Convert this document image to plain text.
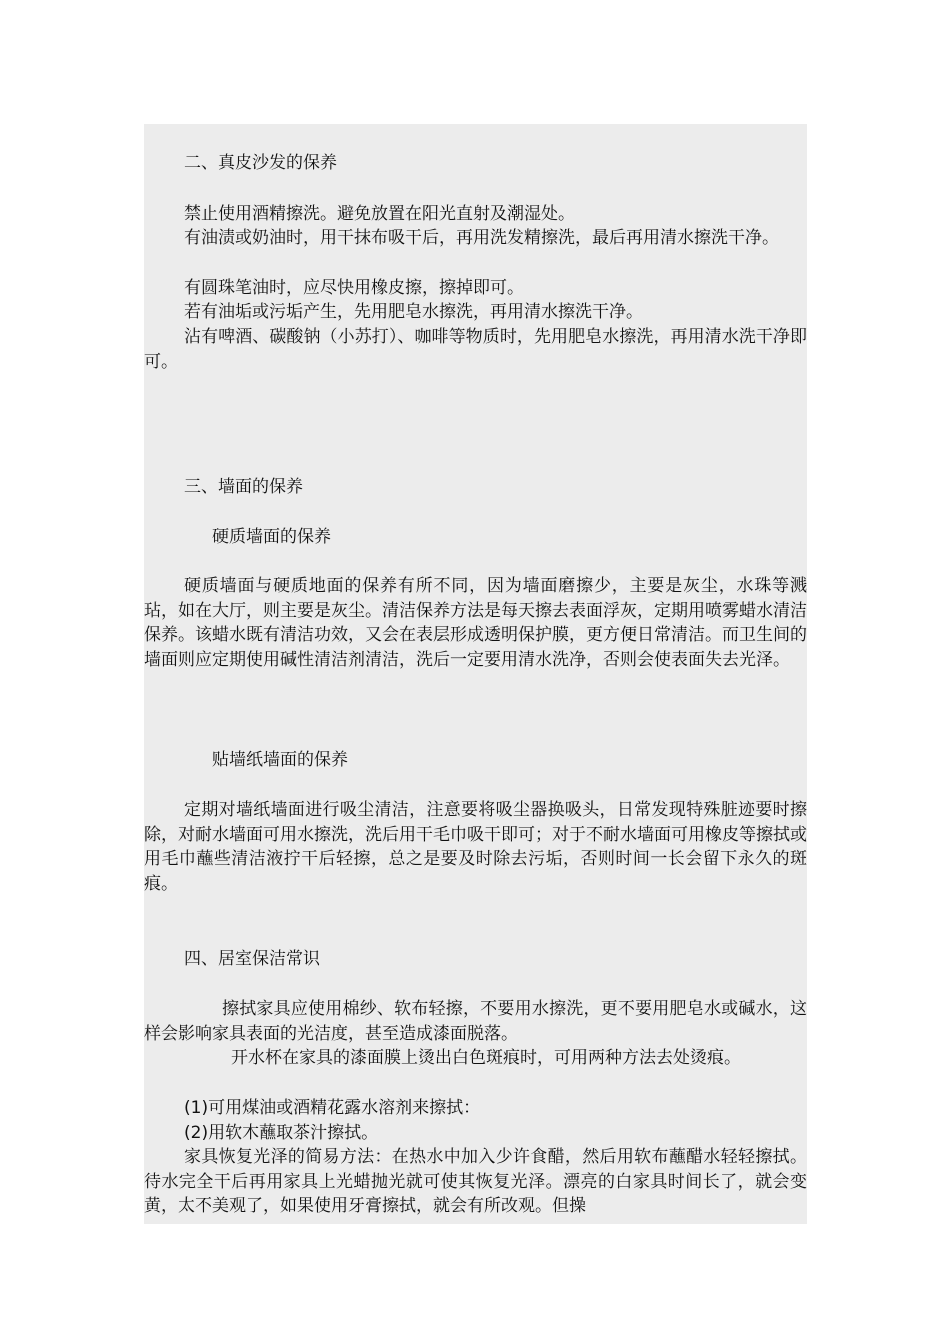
二、真皮沙发的保养

禁止使用酒精擦洗。避免放置在阳光直射及潮湿处。

有油渍或奶油时，用干抹布吸干后，再用洗发精擦洗，最后再用清水擦洗干净。

有圆珠笔油时，应尽快用橡皮擦，擦掉即可。

若有油垢或污垢产生，先用肥皂水擦洗，再用清水擦洗干净。

沾有啤酒、碳酸钠（小苏打）、咖啡等物质时，先用肥皂水擦洗，再用清水洗干净即可。

三、墙面的保养

硬质墙面的保养

硬质墙面与硬质地面的保养有所不同，因为墙面磨擦少，主要是灰尘，水珠等溅玷，如在大厅，则主要是灰尘。清洁保养方法是每天擦去表面浮灰，定期用喷雾蜡水清洁保养。该蜡水既有清洁功效，又会在表层形成透明保护膜，更方便日常清洁。而卫生间的墙面则应定期使用碱性清洁剂清洁，洗后一定要用清水洗净，否则会使表面失去光泽。

贴墙纸墙面的保养

定期对墙纸墙面进行吸尘清洁，注意要将吸尘器换吸头，日常发现特殊脏迹要时擦除，对耐水墙面可用水擦洗，洗后用干毛巾吸干即可；对于不耐水墙面可用橡皮等擦拭或用毛巾蘸些清洁液拧干后轻擦，总之是要及时除去污垢，否则时间一长会留下永久的斑痕。

四、居室保洁常识

擦拭家具应使用棉纱、软布轻擦，不要用水擦洗，更不要用肥皂水或碱水，这样会影响家具表面的光洁度，甚至造成漆面脱落。

开水杯在家具的漆面膜上烫出白色斑痕时，可用两种方法去处烫痕。

(1)可用煤油或酒精花露水溶剂来擦拭：

(2)用软木蘸取茶汁擦拭。

家具恢复光泽的简易方法：在热水中加入少许食醋，然后用软布蘸醋水轻轻擦拭。 待水完全干后再用家具上光蜡抛光就可使其恢复光泽。漂亮的白家具时间长了，就会变黄，太不美观了，如果使用牙膏擦拭，就会有所改观。但操
